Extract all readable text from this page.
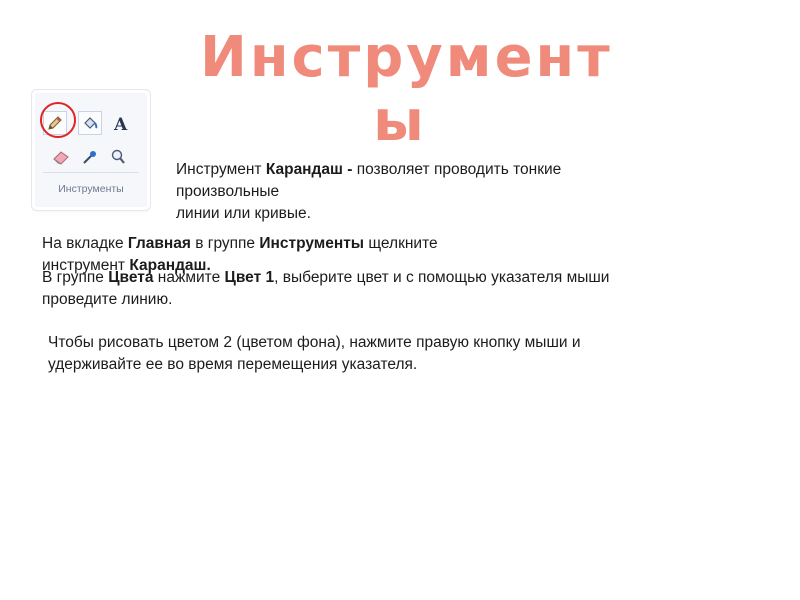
Инструмент
ы
A
Инструменты
Инструмент Карандаш - позволяет проводить тонкие
произвольные
линии или кривые.
На вкладке Главная в группе Инструменты щелкните
инструмент Карандаш.
В группе Цвета нажмите Цвет 1, выберите цвет и с помощью указателя мыши
проведите линию.
Чтобы рисовать цветом 2 (цветом фона), нажмите правую кнопку мыши и
удерживайте ее во время перемещения указателя.
